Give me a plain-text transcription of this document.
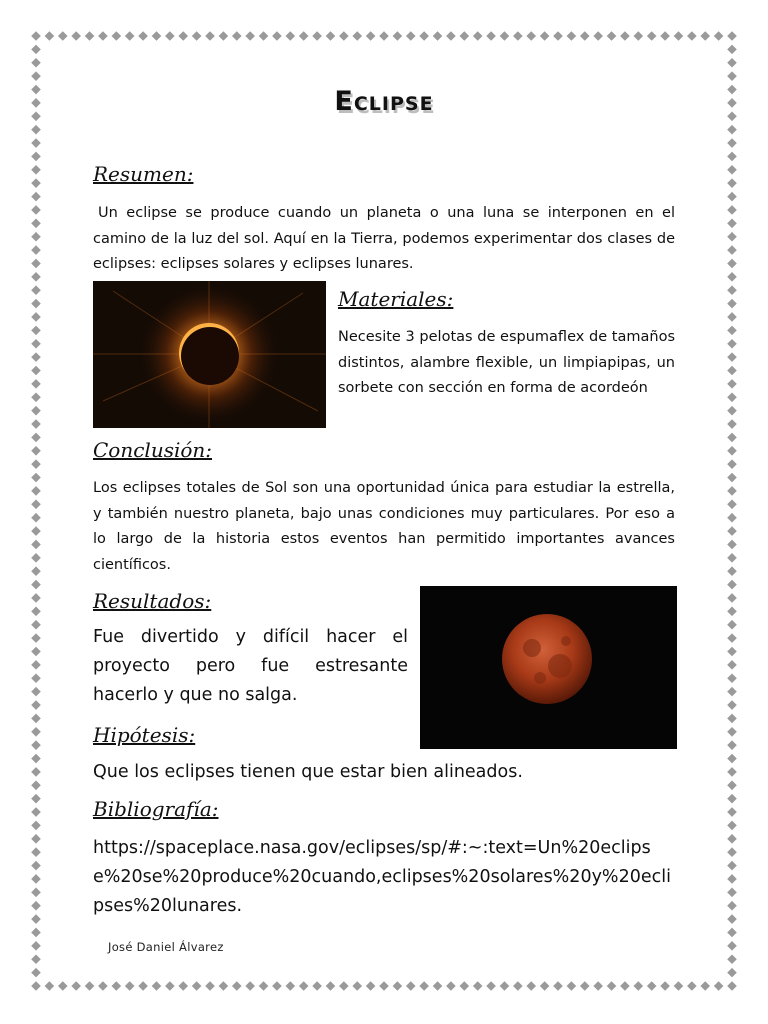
Eclipse
Resumen:
Un eclipse se produce cuando un planeta o una luna se interponen en el camino de la luz del sol. Aquí en la Tierra, podemos experimentar dos clases de eclipses: eclipses solares y eclipses lunares.
Materiales:
Necesite 3 pelotas de espumaflex de tamaños distintos, alambre flexible, un limpiapipas, un sorbete con sección en forma de acordeón
Conclusión:
Los eclipses totales de Sol son una oportunidad única para estudiar la estrella, y también nuestro planeta, bajo unas condiciones muy particulares. Por eso a lo largo de la historia estos eventos han permitido importantes avances científicos.
Resultados:
Fue divertido y difícil hacer el proyecto pero fue estresante hacerlo y que no salga.
Hipótesis:
Que los eclipses tienen que estar bien alineados.
Bibliografía:
https://spaceplace.nasa.gov/eclipses/sp/#:~:text=Un%20eclipse%20se%20produce%20cuando,eclipses%20solares%20y%20eclipses%20lunares.
José Daniel Álvarez
